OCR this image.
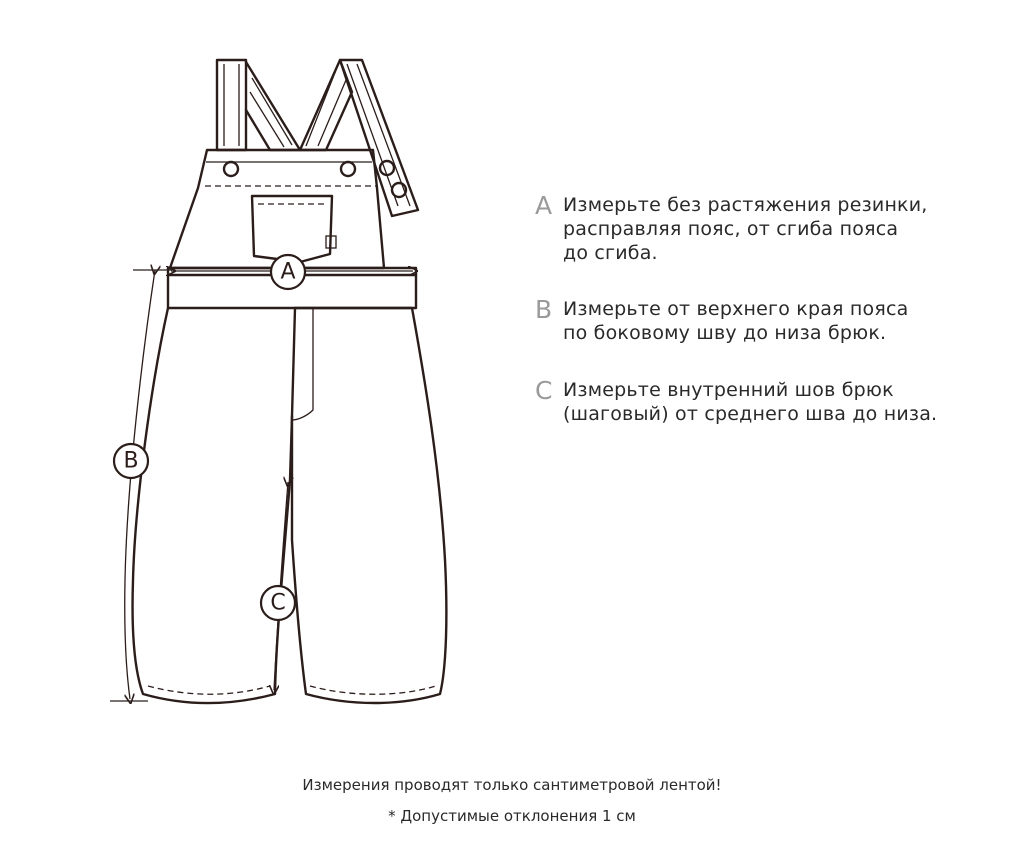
A
B
C
A Измерьте без растяжения резинки,
расправляя пояс, от сгиба пояса
до сгиба.
B Измерьте от верхнего края пояса
по боковому шву до низа брюк.
C Измерьте внутренний шов брюк
(шаговый) от среднего шва до низа.
Измерения проводят только сантиметровой лентой!
* Допустимые отклонения 1 см
